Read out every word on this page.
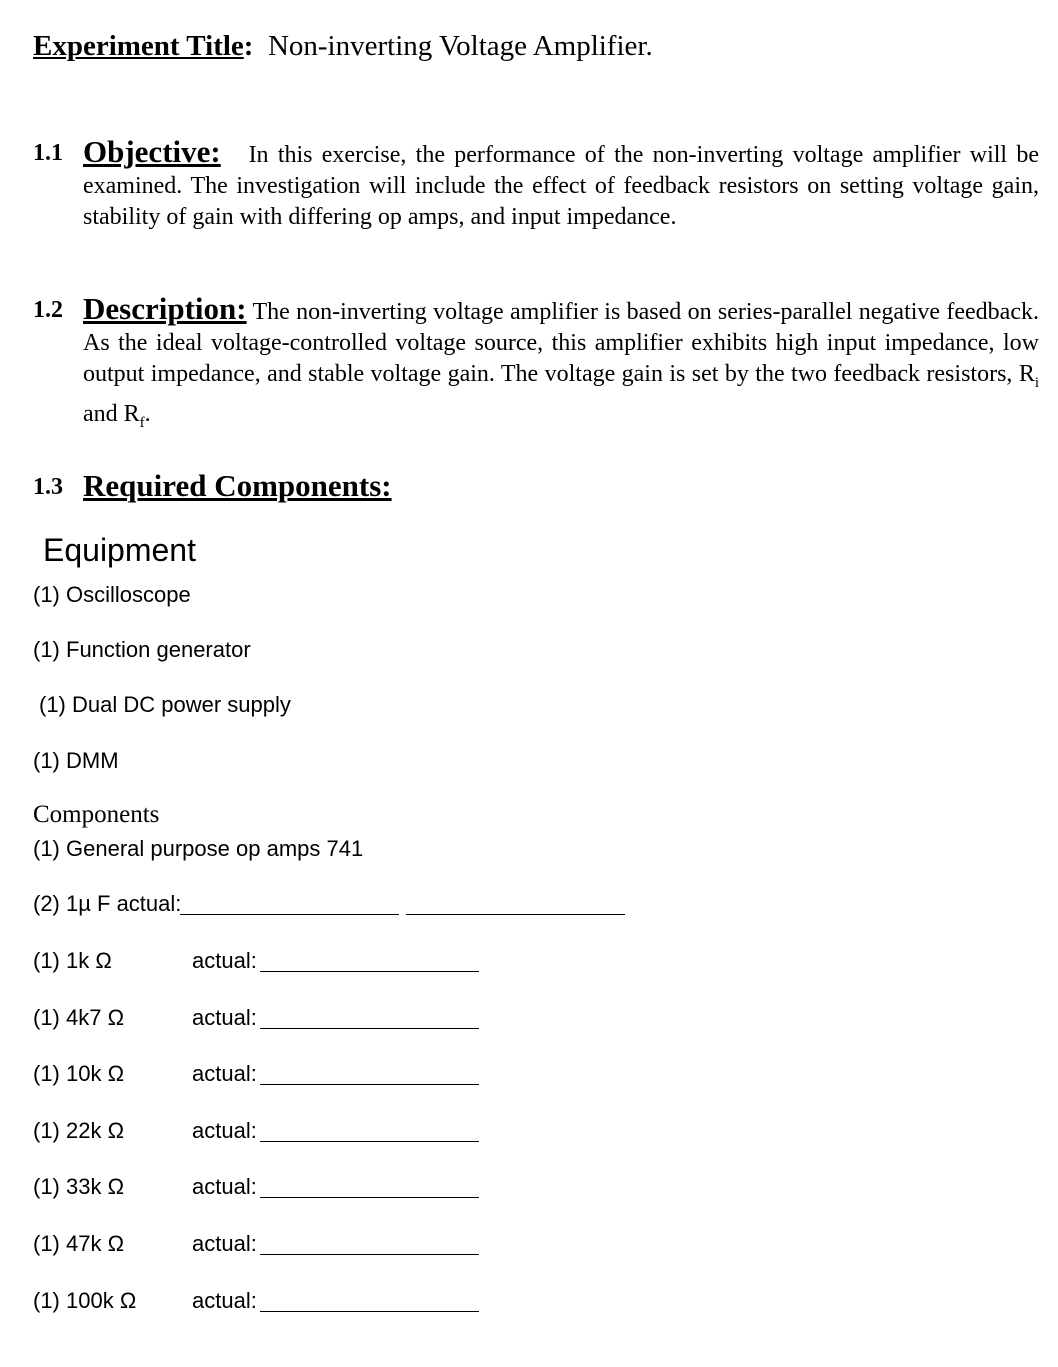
Experiment Title: Non-inverting Voltage Amplifier.
1.1 Objective: In this exercise, the performance of the non-inverting voltage amplifier will be examined. The investigation will include the effect of feedback resistors on setting voltage gain, stability of gain with differing op amps, and input impedance.
1.2 Description: The non-inverting voltage amplifier is based on series-parallel negative feedback. As the ideal voltage-controlled voltage source, this amplifier exhibits high input impedance, low output impedance, and stable voltage gain. The voltage gain is set by the two feedback resistors, $R_i$ and $R_f$.
1.3 Required Components:
Equipment
(1) Oscilloscope
(1) Function generator
(1) Dual DC power supply
(1) DMM
Components
(1) General purpose op amps 741
(2) 1µ F actual:
(1) 1k Ω	actual:
(1) 4k7 Ω	actual:
(1) 10k Ω	actual:
(1) 22k Ω	actual:
(1) 33k Ω	actual:
(1) 47k Ω	actual:
(1) 100k Ω	actual:
